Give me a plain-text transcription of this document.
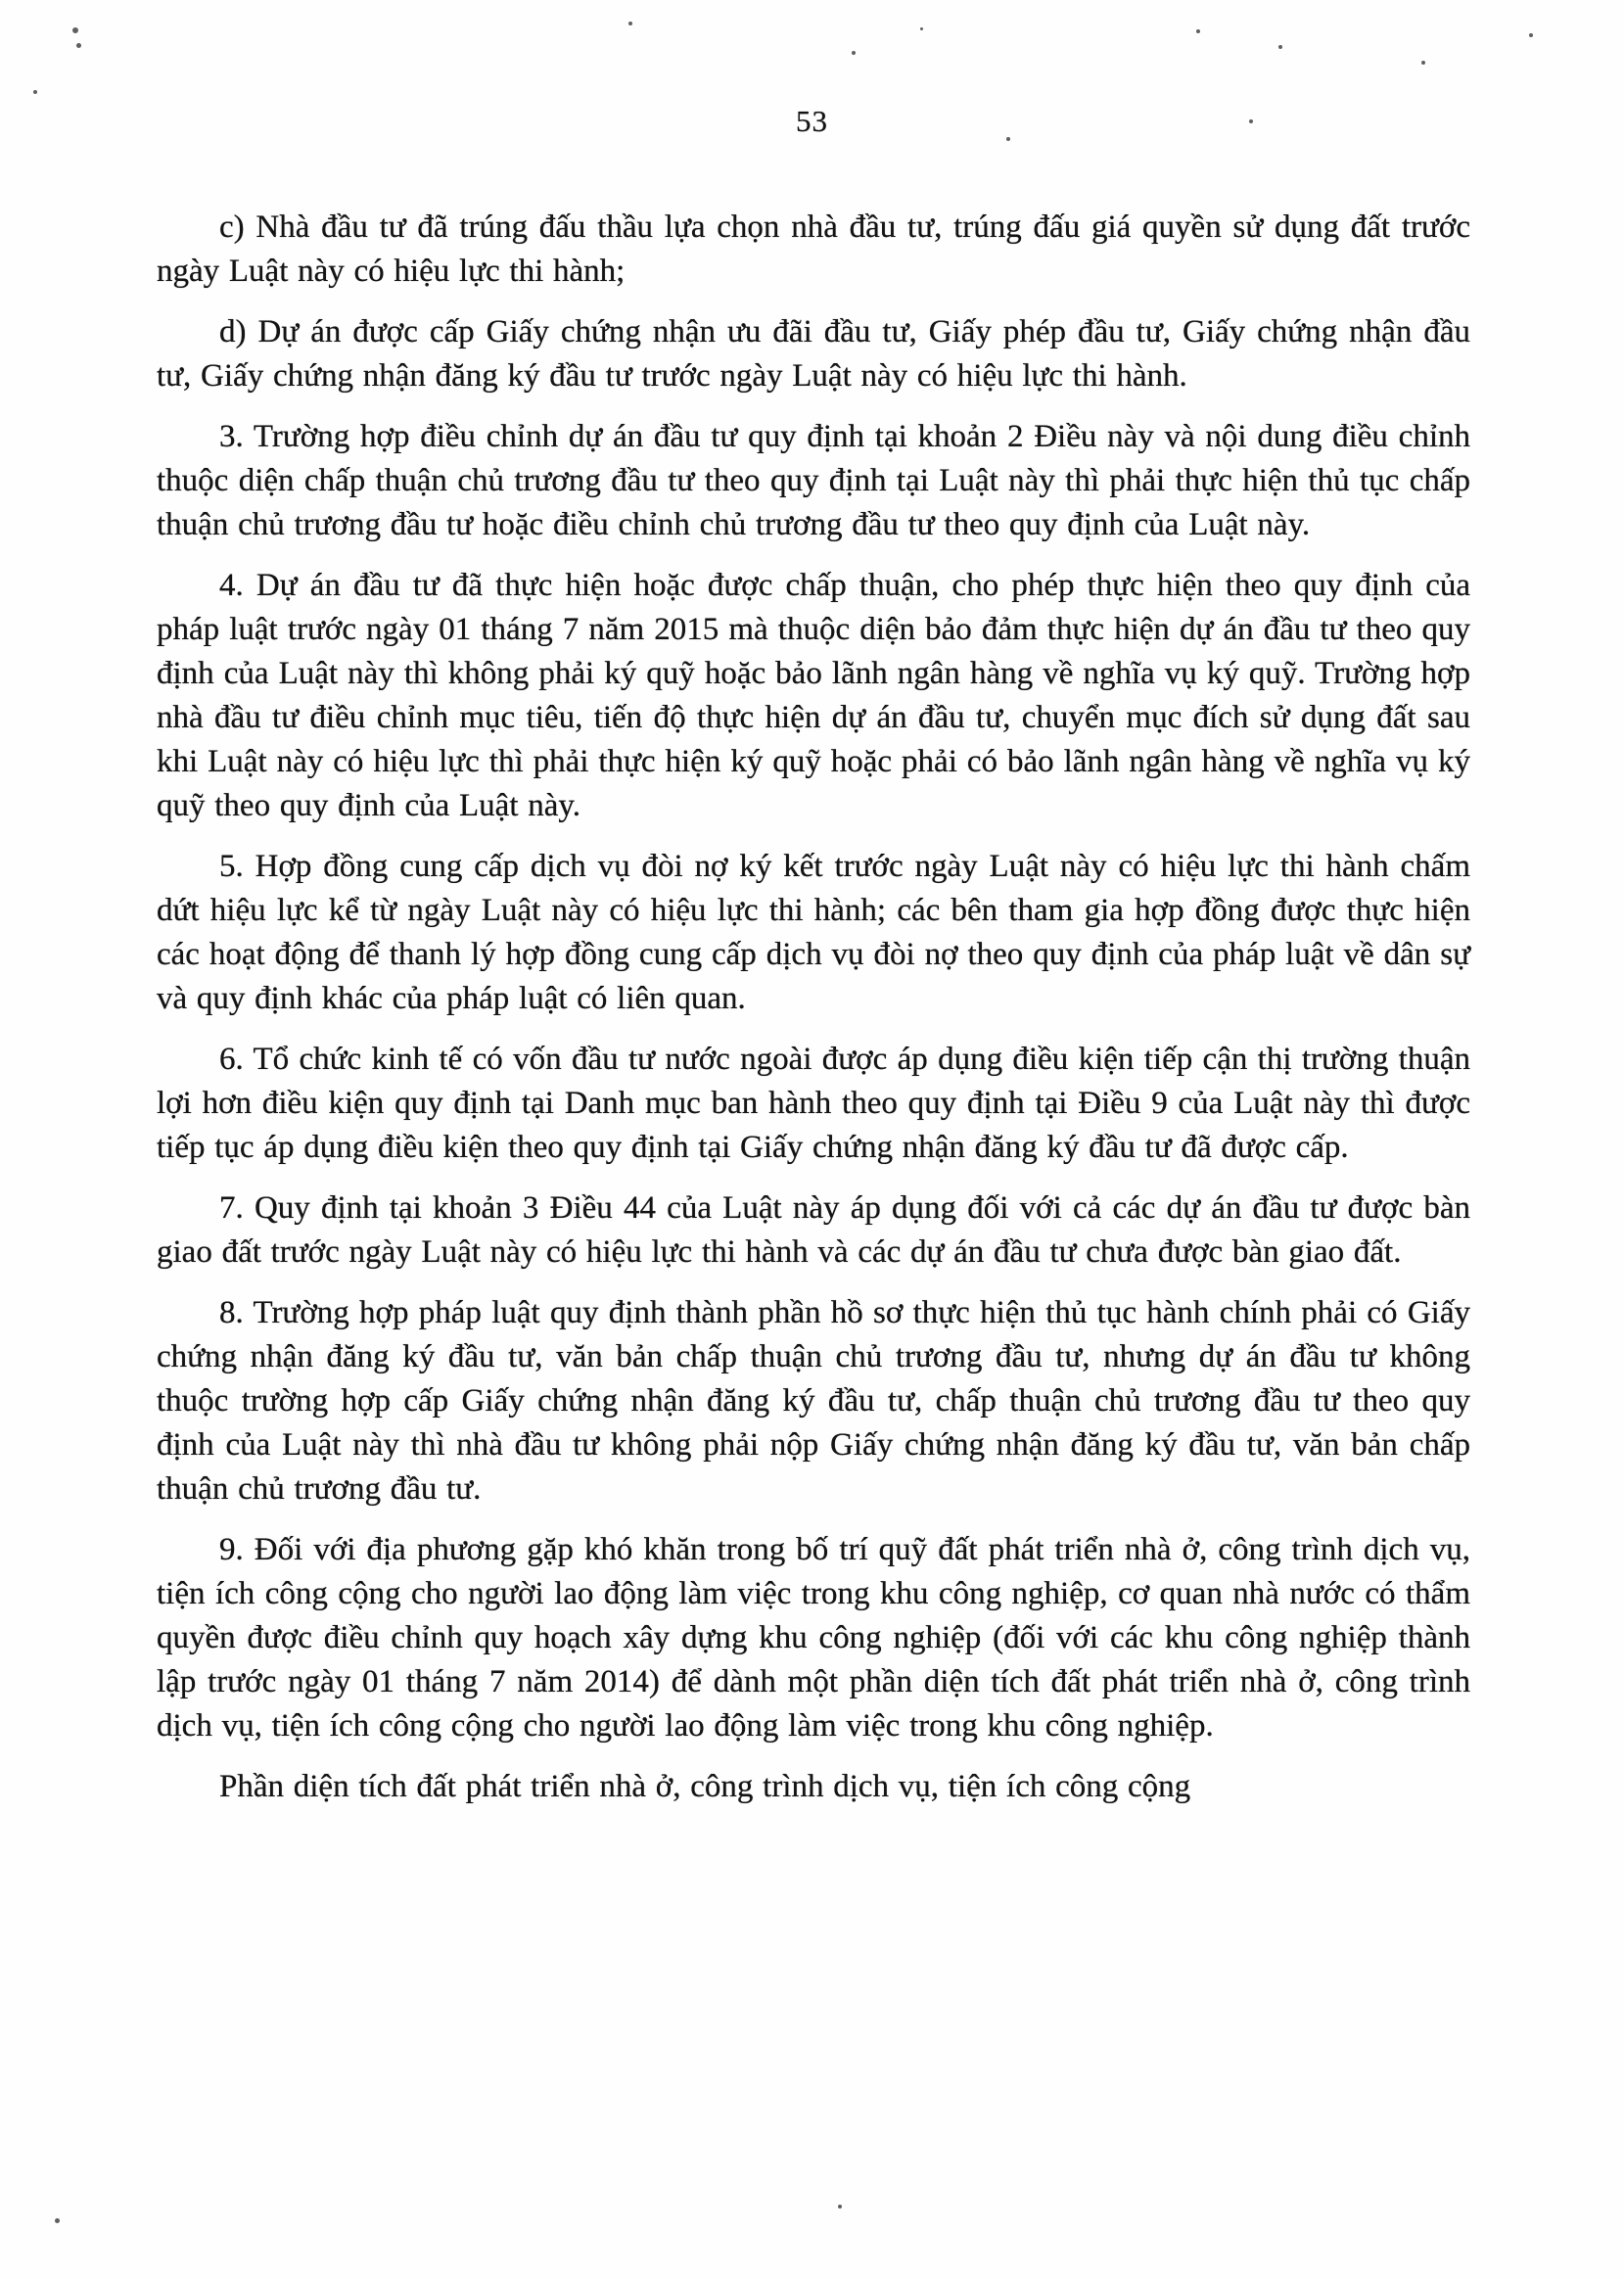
53

c) Nhà đầu tư đã trúng đấu thầu lựa chọn nhà đầu tư, trúng đấu giá quyền sử dụng đất trước ngày Luật này có hiệu lực thi hành;

d) Dự án được cấp Giấy chứng nhận ưu đãi đầu tư, Giấy phép đầu tư, Giấy chứng nhận đầu tư, Giấy chứng nhận đăng ký đầu tư trước ngày Luật này có hiệu lực thi hành.

3. Trường hợp điều chỉnh dự án đầu tư quy định tại khoản 2 Điều này và nội dung điều chỉnh thuộc diện chấp thuận chủ trương đầu tư theo quy định tại Luật này thì phải thực hiện thủ tục chấp thuận chủ trương đầu tư hoặc điều chỉnh chủ trương đầu tư theo quy định của Luật này.

4. Dự án đầu tư đã thực hiện hoặc được chấp thuận, cho phép thực hiện theo quy định của pháp luật trước ngày 01 tháng 7 năm 2015 mà thuộc diện bảo đảm thực hiện dự án đầu tư theo quy định của Luật này thì không phải ký quỹ hoặc bảo lãnh ngân hàng về nghĩa vụ ký quỹ. Trường hợp nhà đầu tư điều chỉnh mục tiêu, tiến độ thực hiện dự án đầu tư, chuyển mục đích sử dụng đất sau khi Luật này có hiệu lực thì phải thực hiện ký quỹ hoặc phải có bảo lãnh ngân hàng về nghĩa vụ ký quỹ theo quy định của Luật này.

5. Hợp đồng cung cấp dịch vụ đòi nợ ký kết trước ngày Luật này có hiệu lực thi hành chấm dứt hiệu lực kể từ ngày Luật này có hiệu lực thi hành; các bên tham gia hợp đồng được thực hiện các hoạt động để thanh lý hợp đồng cung cấp dịch vụ đòi nợ theo quy định của pháp luật về dân sự và quy định khác của pháp luật có liên quan.

6. Tổ chức kinh tế có vốn đầu tư nước ngoài được áp dụng điều kiện tiếp cận thị trường thuận lợi hơn điều kiện quy định tại Danh mục ban hành theo quy định tại Điều 9 của Luật này thì được tiếp tục áp dụng điều kiện theo quy định tại Giấy chứng nhận đăng ký đầu tư đã được cấp.

7. Quy định tại khoản 3 Điều 44 của Luật này áp dụng đối với cả các dự án đầu tư được bàn giao đất trước ngày Luật này có hiệu lực thi hành và các dự án đầu tư chưa được bàn giao đất.

8. Trường hợp pháp luật quy định thành phần hồ sơ thực hiện thủ tục hành chính phải có Giấy chứng nhận đăng ký đầu tư, văn bản chấp thuận chủ trương đầu tư, nhưng dự án đầu tư không thuộc trường hợp cấp Giấy chứng nhận đăng ký đầu tư, chấp thuận chủ trương đầu tư theo quy định của Luật này thì nhà đầu tư không phải nộp Giấy chứng nhận đăng ký đầu tư, văn bản chấp thuận chủ trương đầu tư.

9. Đối với địa phương gặp khó khăn trong bố trí quỹ đất phát triển nhà ở, công trình dịch vụ, tiện ích công cộng cho người lao động làm việc trong khu công nghiệp, cơ quan nhà nước có thẩm quyền được điều chỉnh quy hoạch xây dựng khu công nghiệp (đối với các khu công nghiệp thành lập trước ngày 01 tháng 7 năm 2014) để dành một phần diện tích đất phát triển nhà ở, công trình dịch vụ, tiện ích công cộng cho người lao động làm việc trong khu công nghiệp.

Phần diện tích đất phát triển nhà ở, công trình dịch vụ, tiện ích công cộng
